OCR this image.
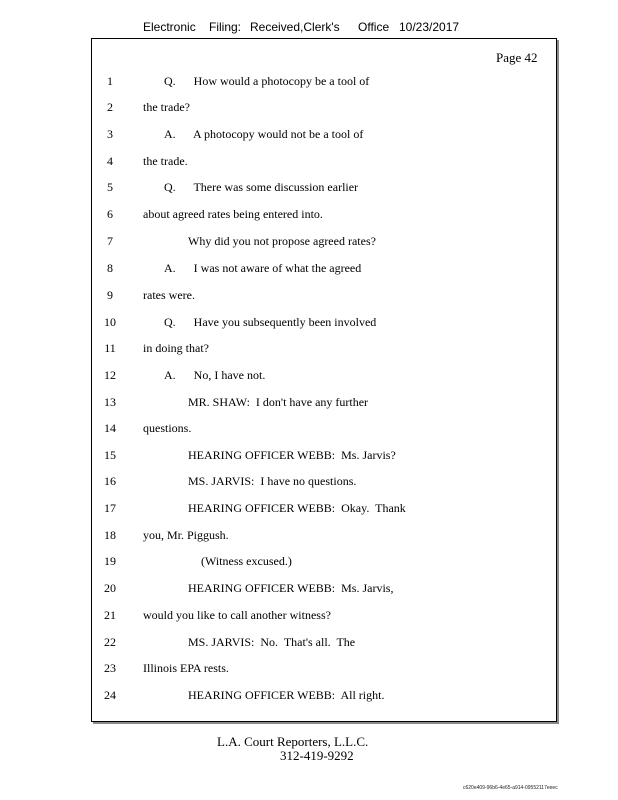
Electronic Filing: Received,Clerk's Office 10/23/2017
Page 42
1	Q.      How would a photocopy be a tool of
2	the trade?
3	A.      A photocopy would not be a tool of
4	the trade.
5	Q.      There was some discussion earlier
6	about agreed rates being entered into.
7	Why did you not propose agreed rates?
8	A.      I was not aware of what the agreed
9	rates were.
10	Q.      Have you subsequently been involved
11	in doing that?
12	A.      No, I have not.
13	MR. SHAW:  I don't have any further
14	questions.
15	HEARING OFFICER WEBB:  Ms. Jarvis?
16	MS. JARVIS:  I have no questions.
17	HEARING OFFICER WEBB:  Okay.  Thank
18	you, Mr. Piggush.
19	(Witness excused.)
20	HEARING OFFICER WEBB:  Ms. Jarvis,
21	would you like to call another witness?
22	MS. JARVIS:  No.  That's all.  The
23	Illinois EPA rests.
24	HEARING OFFICER WEBB:  All right.
L.A. Court Reporters, L.L.C.
312-419-9292
c620e409-96b6-4e65-a914-09552117eeec
